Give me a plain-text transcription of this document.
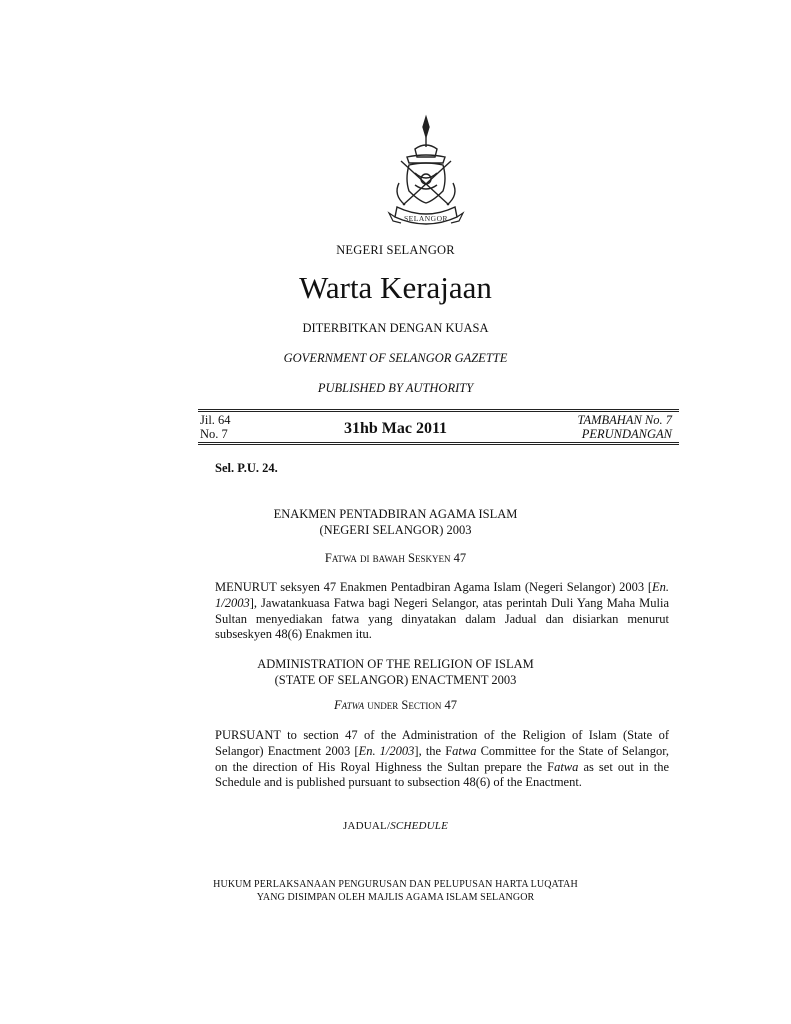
SELANGOR
NEGERI SELANGOR
Warta Kerajaan
DITERBITKAN DENGAN KUASA
GOVERNMENT OF SELANGOR GAZETTE
PUBLISHED BY AUTHORITY
Jil. 64
No. 7	31hb Mac 2011	TAMBAHAN No. 7
PERUNDANGAN
Sel. P.U. 24.
ENAKMEN PENTADBIRAN AGAMA ISLAM
(NEGERI SELANGOR) 2003
Fatwa di bawah Seskyen 47
MENURUT seksyen 47 Enakmen Pentadbiran Agama Islam (Negeri Selangor) 2003 [En. 1/2003], Jawatankuasa Fatwa bagi Negeri Selangor, atas perintah Duli Yang Maha Mulia Sultan menyediakan fatwa yang dinyatakan dalam Jadual dan disiarkan menurut subseskyen 48(6) Enakmen itu.
ADMINISTRATION OF THE RELIGION OF ISLAM
(STATE OF SELANGOR) ENACTMENT 2003
Fatwa under Section 47
PURSUANT to section 47 of the Administration of the Religion of Islam (State of Selangor) Enactment 2003 [En. 1/2003], the Fatwa Committee for the State of Selangor, on the direction of His Royal Highness the Sultan prepare the Fatwa as set out in the Schedule and is published pursuant to subsection 48(6) of the Enactment.
JADUAL/SCHEDULE
HUKUM PERLAKSANAAN PENGURUSAN DAN PELUPUSAN HARTA LUQATAH
YANG DISIMPAN OLEH MAJLIS AGAMA ISLAM SELANGOR
